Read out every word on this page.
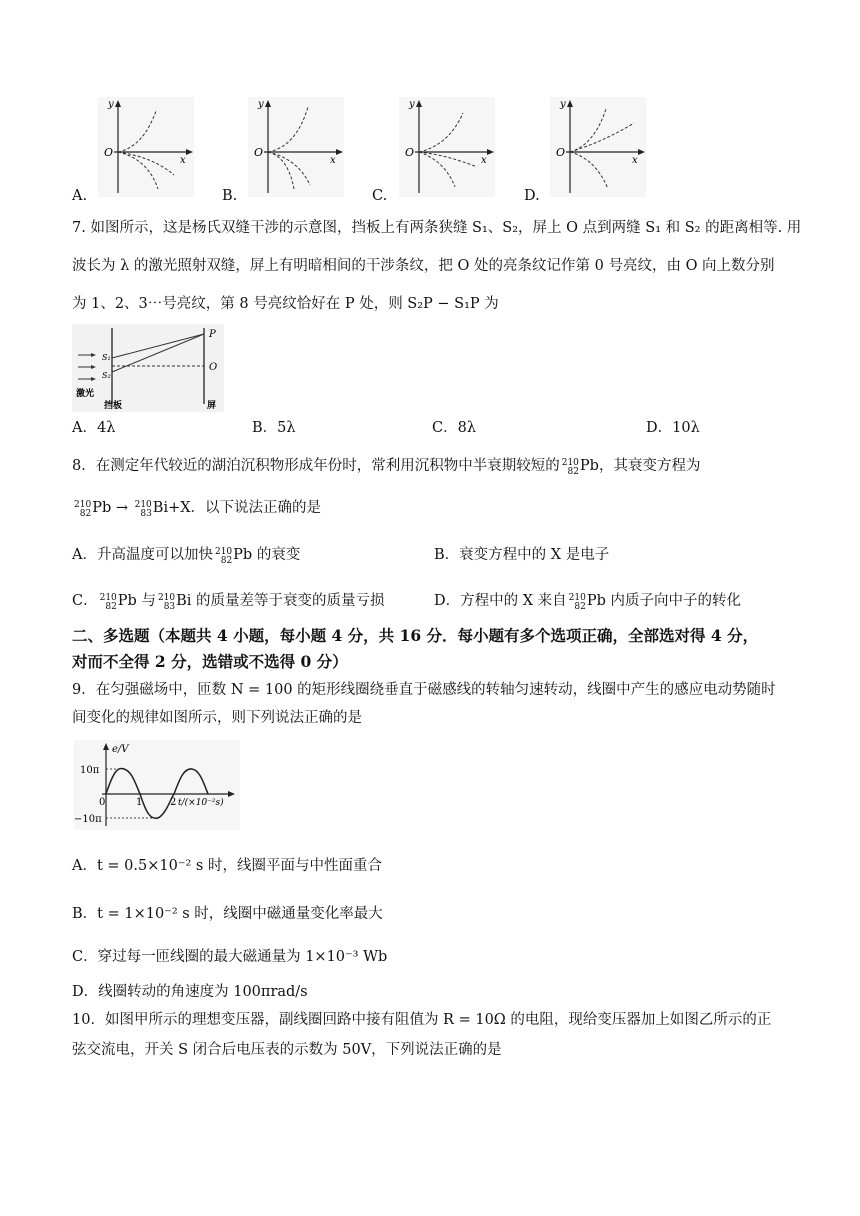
y
O
x
A.
y
O
x
B.
y
O
x
C.
y
O
x
D.
7. 如图所示，这是杨氏双缝干涉的示意图，挡板上有两条狭缝 S₁、S₂，屏上 O 点到两缝 S₁ 和 S₂ 的距离相等. 用
波长为 λ 的激光照射双缝，屏上有明暗相间的干涉条纹，把 O 处的亮条纹记作第 0 号亮纹，由 O 向上数分别
为 1、2、3⋯号亮纹，第 8 号亮纹恰好在 P 处，则 S₂P − S₁P 为
P
O
S₁
S₂
激光
挡板	屏
A．4λ	B．5λ	C．8λ	D．10λ
8．在测定年代较近的湖泊沉积物形成年份时，常利用沉积物中半衰期较短的 210
82Pb，其衰变方程为
210
82Pb → 210
83Bi+X．以下说法正确的是
A．升高温度可以加快 210
82Pb 的衰变	B．衰变方程中的 X 是电子
C． 210
82Pb 与 210
83Bi 的质量差等于衰变的质量亏损	D．方程中的 X 来自 210
82Pb 内质子向中子的转化
二、多选题（本题共 4 小题，每小题 4 分，共 16 分．每小题有多个选项正确，全部选对得 4 分，
对而不全得 2 分，选错或不选得 0 分）
9．在匀强磁场中，匝数 N = 100 的矩形线圈绕垂直于磁感线的转轴匀速转动，线圈中产生的感应电动势随时
间变化的规律如图所示，则下列说法正确的是
e/V
10π
−10π
0	1	2 t/(×10⁻²s)
A．t = 0.5×10⁻² s 时，线圈平面与中性面重合
B．t = 1×10⁻² s 时，线圈中磁通量变化率最大
C．穿过每一匝线圈的最大磁通量为 1×10⁻³ Wb
D．线圈转动的角速度为 100πrad/s
10．如图甲所示的理想变压器，副线圈回路中接有阻值为 R = 10Ω 的电阻，现给变压器加上如图乙所示的正
弦交流电，开关 S 闭合后电压表的示数为 50V，下列说法正确的是
